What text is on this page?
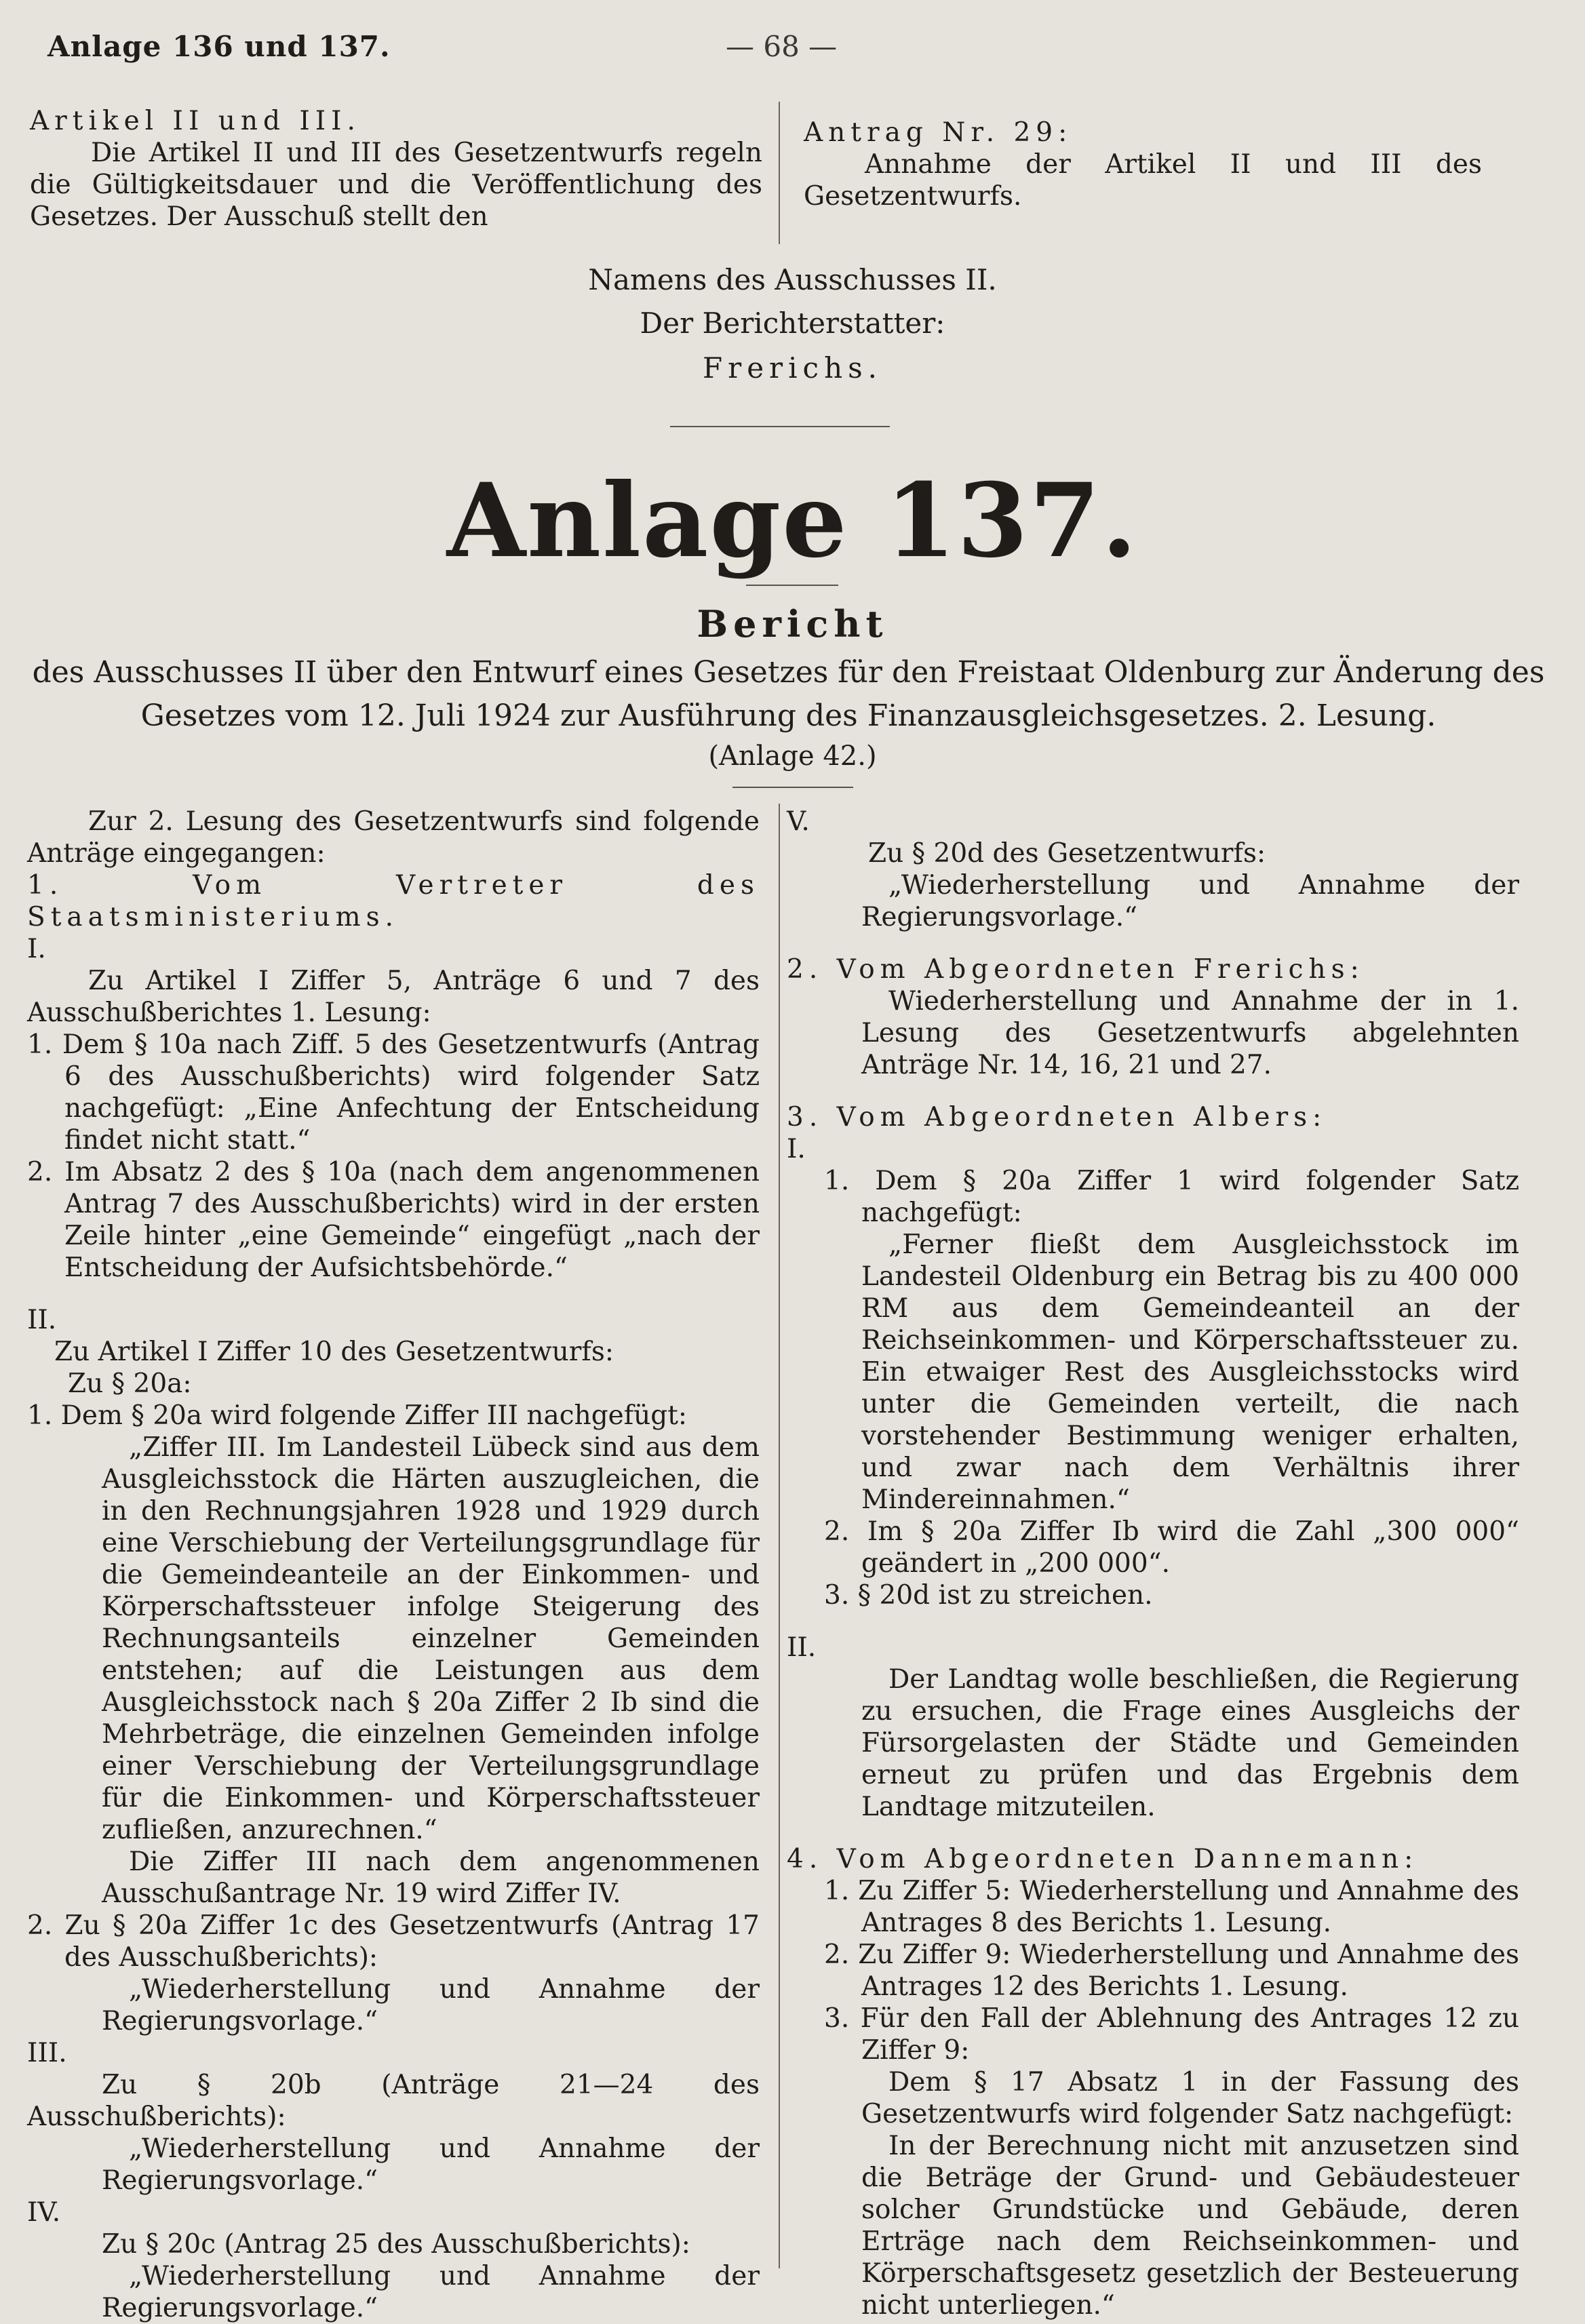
Anlage 136 und 137.	— 68 —

Artikel II und III.

Die Artikel II und III des Gesetzentwurfs regeln die Gültigkeitsdauer und die Veröffentlichung des Gesetzes. Der Ausschuß stellt den

Antrag Nr. 29:

Annahme der Artikel II und III des Gesetzentwurfs.

Namens des Ausschusses II.
Der Berichterstatter:
Frerichs.
Anlage 137.
Bericht
des Ausschusses II über den Entwurf eines Gesetzes für den Freistaat Oldenburg zur Änderung des Gesetzes vom 12. Juli 1924 zur Ausführung des Finanzausgleichsgesetzes. 2. Lesung.
(Anlage 42.)

Zur 2. Lesung des Gesetzentwurfs sind folgende Anträge eingegangen:

1. Vom Vertreter des Staatsministeriums.

I.

Zu Artikel I Ziffer 5, Anträge 6 und 7 des Ausschußberichtes 1. Lesung:

1. Dem § 10a nach Ziff. 5 des Gesetzentwurfs (Antrag 6 des Ausschußberichts) wird folgender Satz nachgefügt: „Eine Anfechtung der Entscheidung findet nicht statt.“

2. Im Absatz 2 des § 10a (nach dem angenommenen Antrag 7 des Ausschußberichts) wird in der ersten Zeile hinter „eine Gemeinde“ eingefügt „nach der Entscheidung der Aufsichtsbehörde.“

II.

Zu Artikel I Ziffer 10 des Gesetzentwurfs:

Zu § 20a:

1. Dem § 20a wird folgende Ziffer III nachgefügt:

„Ziffer III. Im Landesteil Lübeck sind aus dem Ausgleichsstock die Härten auszugleichen, die in den Rechnungsjahren 1928 und 1929 durch eine Verschiebung der Verteilungsgrundlage für die Gemeindeanteile an der Einkommen- und Körperschaftssteuer infolge Steigerung des Rechnungsanteils einzelner Gemeinden entstehen; auf die Leistungen aus dem Ausgleichsstock nach § 20a Ziffer 2 Ib sind die Mehrbeträge, die einzelnen Gemeinden infolge einer Verschiebung der Verteilungsgrundlage für die Einkommen- und Körperschaftssteuer zufließen, anzurechnen.“

Die Ziffer III nach dem angenommenen Ausschußantrage Nr. 19 wird Ziffer IV.

2. Zu § 20a Ziffer 1c des Gesetzentwurfs (Antrag 17 des Ausschußberichts):

„Wiederherstellung und Annahme der Regierungsvorlage.“

III.

Zu § 20b (Anträge 21—24 des Ausschußberichts):

„Wiederherstellung und Annahme der Regierungsvorlage.“

IV.

Zu § 20c (Antrag 25 des Ausschußberichts):

„Wiederherstellung und Annahme der Regierungsvorlage.“

V.

Zu § 20d des Gesetzentwurfs:

„Wiederherstellung und Annahme der Regierungsvorlage.“

2. Vom Abgeordneten Frerichs:

Wiederherstellung und Annahme der in 1. Lesung des Gesetzentwurfs abgelehnten Anträge Nr. 14, 16, 21 und 27.

3. Vom Abgeordneten Albers:

I.

1. Dem § 20a Ziffer 1 wird folgender Satz nachgefügt:

„Ferner fließt dem Ausgleichsstock im Landesteil Oldenburg ein Betrag bis zu 400 000 RM aus dem Gemeindeanteil an der Reichseinkommen- und Körperschaftssteuer zu. Ein etwaiger Rest des Ausgleichsstocks wird unter die Gemeinden verteilt, die nach vorstehender Bestimmung weniger erhalten, und zwar nach dem Verhältnis ihrer Mindereinnahmen.“

2. Im § 20a Ziffer Ib wird die Zahl „300 000“ geändert in „200 000“.

3. § 20d ist zu streichen.

II.

Der Landtag wolle beschließen, die Regierung zu ersuchen, die Frage eines Ausgleichs der Fürsorgelasten der Städte und Gemeinden erneut zu prüfen und das Ergebnis dem Landtage mitzuteilen.

4. Vom Abgeordneten Dannemann:

1. Zu Ziffer 5: Wiederherstellung und Annahme des Antrages 8 des Berichts 1. Lesung.

2. Zu Ziffer 9: Wiederherstellung und Annahme des Antrages 12 des Berichts 1. Lesung.

3. Für den Fall der Ablehnung des Antrages 12 zu Ziffer 9:

Dem § 17 Absatz 1 in der Fassung des Gesetzentwurfs wird folgender Satz nachgefügt:

In der Berechnung nicht mit anzusetzen sind die Beträge der Grund- und Gebäudesteuer solcher Grundstücke und Gebäude, deren Erträge nach dem Reichseinkommen- und Körperschaftsgesetz gesetzlich der Besteuerung nicht unterliegen.“
